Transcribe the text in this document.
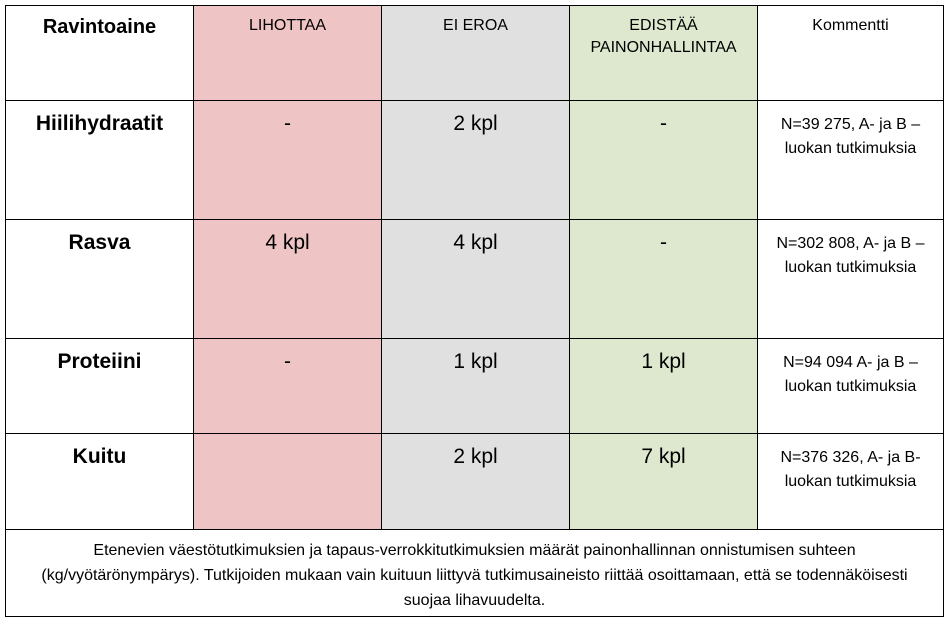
Ravintoaine	LIHOTTAA	EI EROA	EDISTÄÄ PAINONHALLINTAA	Kommentti

Hiilihydraatit	-	2 kpl	-	N=39 275, A- ja B –luokan tutkimuksia

Rasva	4 kpl	4 kpl	-	N=302 808, A- ja B –luokan tutkimuksia

Proteiini	-	1 kpl	1 kpl	N=94 094 A- ja B –luokan tutkimuksia

Kuitu		2 kpl	7 kpl	N=376 326, A- ja B-luokan tutkimuksia

Etenevien väestötutkimuksien ja tapaus-verrokkitutkimuksien määrät painonhallinnan onnistumisen suhteen (kg/vyötärönympärys). Tutkijoiden mukaan vain kuituun liittyvä tutkimusaineisto riittää osoittamaan, että se todennäköisesti suojaa lihavuudelta.				
